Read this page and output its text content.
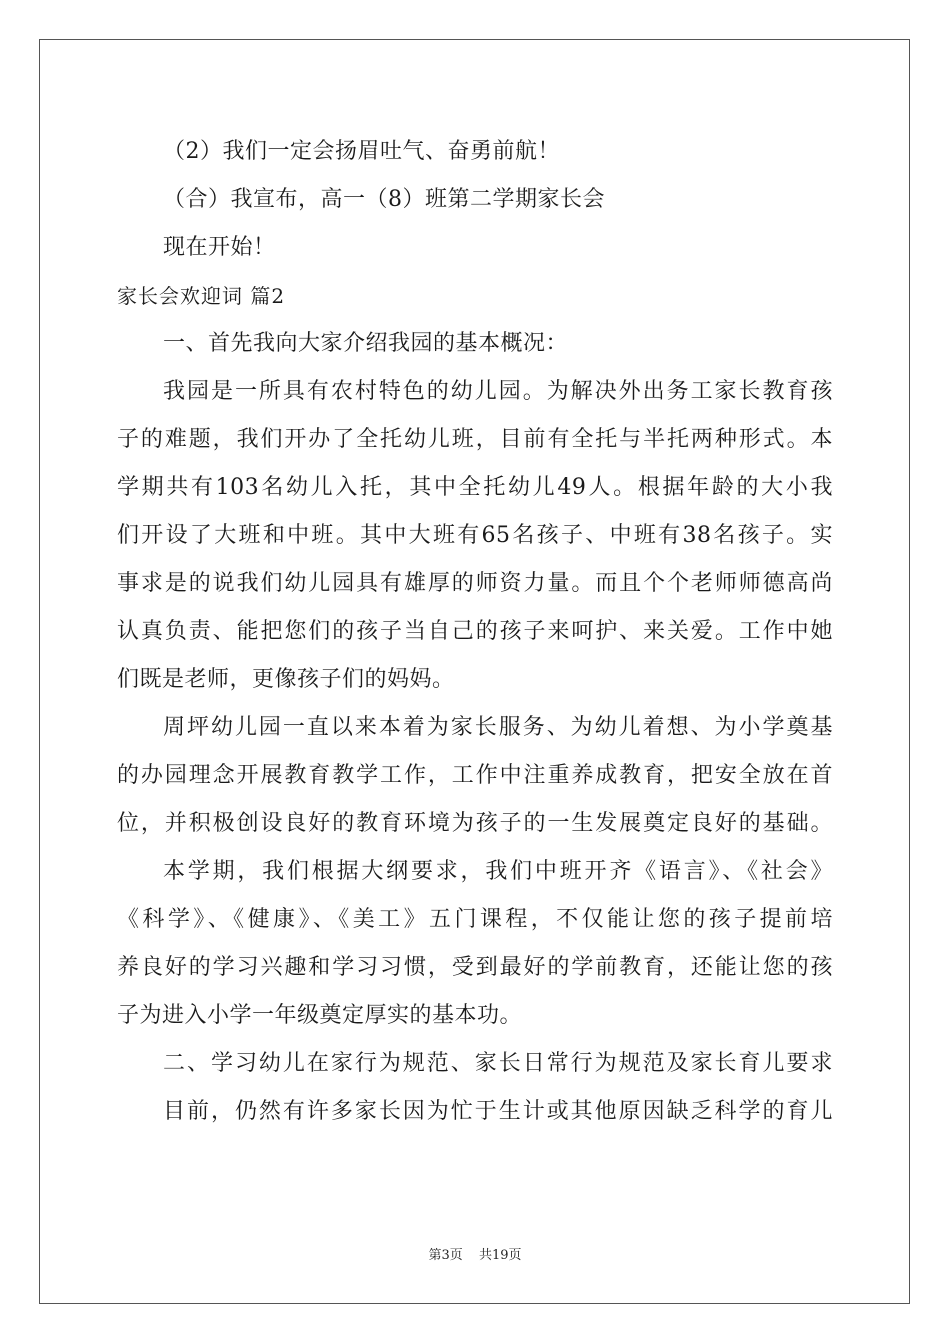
（2）我们一定会扬眉吐气、奋勇前航！
（合）我宣布，高一（8）班第二学期家长会
现在开始！
家长会欢迎词 篇2
一、首先我向大家介绍我园的基本概况：
我园是一所具有农村特色的幼儿园。为解决外出务工家长教育孩
子的难题，我们开办了全托幼儿班，目前有全托与半托两种形式。本
学期共有103名幼儿入托，其中全托幼儿49人。根据年龄的大小我
们开设了大班和中班。其中大班有65名孩子、中班有38名孩子。实
事求是的说我们幼儿园具有雄厚的师资力量。而且个个老师师德高尚
认真负责、能把您们的孩子当自己的孩子来呵护、来关爱。工作中她
们既是老师，更像孩子们的妈妈。
周坪幼儿园一直以来本着为家长服务、为幼儿着想、为小学奠基
的办园理念开展教育教学工作，工作中注重养成教育，把安全放在首
位，并积极创设良好的教育环境为孩子的一生发展奠定良好的基础。
本学期，我们根据大纲要求，我们中班开齐《语言》、《社会》
《科学》、《健康》、《美工》五门课程，不仅能让您的孩子提前培
养良好的学习兴趣和学习习惯，受到最好的学前教育，还能让您的孩
子为进入小学一年级奠定厚实的基本功。
二、学习幼儿在家行为规范、家长日常行为规范及家长育儿要求
目前，仍然有许多家长因为忙于生计或其他原因缺乏科学的育儿
第3页 共19页
